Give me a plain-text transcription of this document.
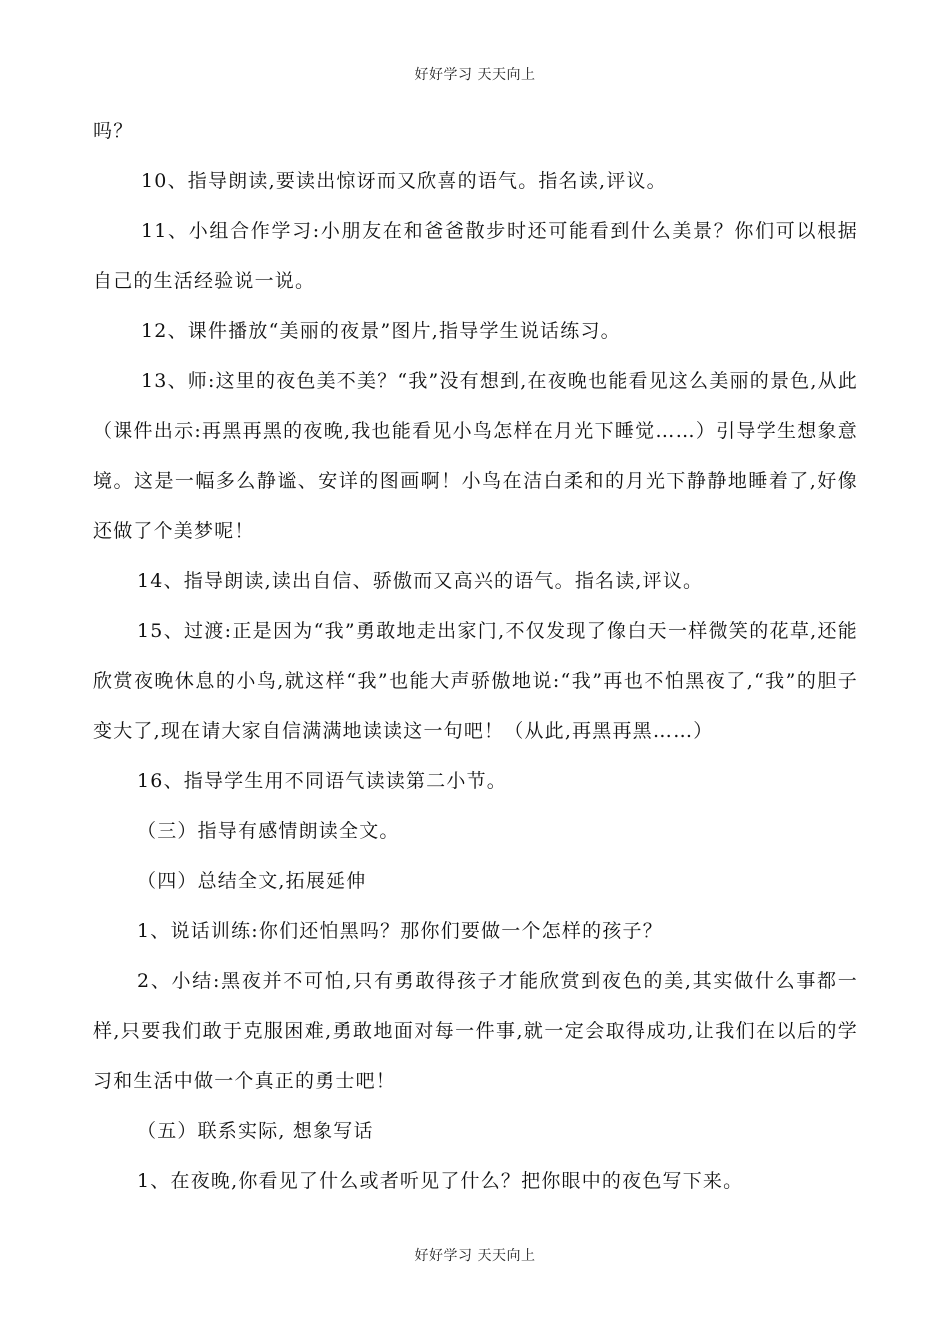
好好学习 天天向上

吗？

10、指导朗读,要读出惊讶而又欣喜的语气。指名读,评议。

11、小组合作学习:小朋友在和爸爸散步时还可能看到什么美景？你们可以根据自己的生活经验说一说。

12、课件播放“美丽的夜景”图片,指导学生说话练习。

13、师:这里的夜色美不美？“我”没有想到,在夜晚也能看见这么美丽的景色,从此（课件出示:再黑再黑的夜晚,我也能看见小鸟怎样在月光下睡觉……）引导学生想象意境。这是一幅多么静谧、安详的图画啊！小鸟在洁白柔和的月光下静静地睡着了,好像还做了个美梦呢！

14、指导朗读,读出自信、骄傲而又高兴的语气。指名读,评议。

15、过渡:正是因为“我”勇敢地走出家门,不仅发现了像白天一样微笑的花草,还能欣赏夜晚休息的小鸟,就这样“我”也能大声骄傲地说:“我”再也不怕黑夜了,“我”的胆子变大了,现在请大家自信满满地读读这一句吧！（从此,再黑再黑……）

16、指导学生用不同语气读读第二小节。

（三）指导有感情朗读全文。

（四）总结全文,拓展延伸

1、说话训练:你们还怕黑吗？那你们要做一个怎样的孩子？

2、小结:黑夜并不可怕,只有勇敢得孩子才能欣赏到夜色的美,其实做什么事都一样,只要我们敢于克服困难,勇敢地面对每一件事,就一定会取得成功,让我们在以后的学习和生活中做一个真正的勇士吧！

（五）联系实际, 想象写话

1、在夜晚,你看见了什么或者听见了什么？把你眼中的夜色写下来。

好好学习 天天向上
